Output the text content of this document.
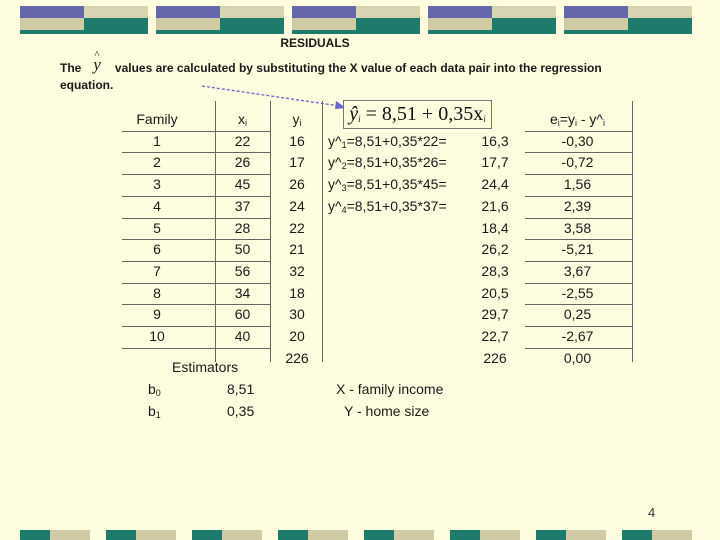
RESIDUALS
The^ y values are calculated by substituting the X value of each data pair into the regression equation.
$ŷ_i = 8,51 + 0,35x_i$
Family	$x_i$	$y_i$	$e_i=y_i$ - $y\^{}_i$
1	22	16	$y\^{}_1=8,51+0,35*22=$	16,3	-0,30
2	26	17	$y\^{}_2=8,51+0,35*26=$	17,7	-0,72
3	45	26	$y\^{}_3=8,51+0,35*45=$	24,4	1,56
4	37	24	$y\^{}_4=8,51+0,35*37=$	21,6	2,39
5	28	22	18,4	3,58
6	50	21	26,2	-5,21
7	56	32	28,3	3,67
8	34	18	20,5	-2,55
9	60	30	29,7	0,25
10	40	20	22,7	-2,67
226	226	0,00
Estimators
$b_0$	8,51
$b_1$	0,35
X - family income
Y - home size
4
